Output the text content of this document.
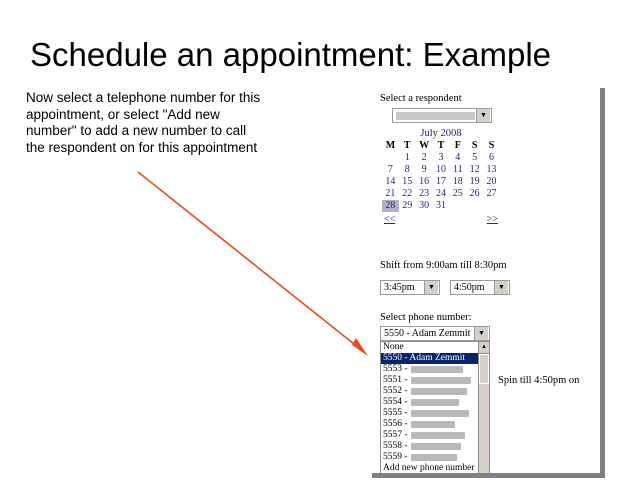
Schedule an appointment: Example
Now select a telephone number for this appointment, or select "Add new number" to add a new number to call the respondent on for this appointment
Select a respondent
▼
July 2008
M	T	W	T	F	S	S
	1	2	3	4	5	6
7	8	9	10	11	12	13
14	15	16	17	18	19	20
21	22	23	24	25	26	27
28	29	30	31			
<<	>>
Shift from 9:00am till 8:30pm
3:45pm	▼	4:50pm	▼
Select phone number:
5550 - Adam Zemmit	▼
Spin till 4:50pm on
None
5550 - Adam Zemmit
5553 -
5551 -
5552 -
5554 -
5555 -
5556 -
5557 -
5558 -
5559 -
Add new phone number
▲
